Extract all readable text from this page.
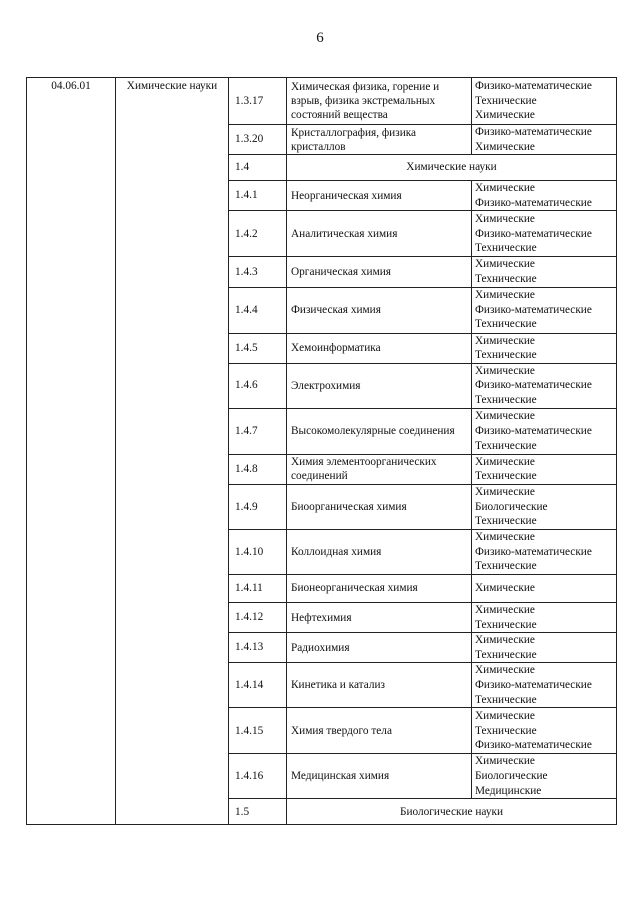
6
04.06.01	Химические науки	1.3.17	Химическая физика, горение и взрыв, физика экстремальных состояний вещества	Физико-математические
Технические
Химические

		1.3.20	Кристаллография, физика кристаллов	Физико-математические
Химические

		1.4	Химические науки	
		1.4.1	Неорганическая химия	Химические
Физико-математические

		1.4.2	Аналитическая химия	Химические
Физико-математические
Технические

		1.4.3	Органическая химия	Химические
Технические

		1.4.4	Физическая химия	Химические
Физико-математические
Технические

		1.4.5	Хемоинформатика	Химические
Технические

		1.4.6	Электрохимия	Химические
Физико-математические
Технические

		1.4.7	Высокомолекулярные соединения	Химические
Физико-математические
Технические

		1.4.8	Химия элементоорганических соединений	Химические
Технические

		1.4.9	Биоорганическая химия	Химические
Биологические
Технические

		1.4.10	Коллоидная химия	Химические
Физико-математические
Технические

		1.4.11	Бионеорганическая химия	Химические

		1.4.12	Нефтехимия	Химические
Технические

		1.4.13	Радиохимия	Химические
Технические

		1.4.14	Кинетика и катализ	Химические
Физико-математические
Технические

		1.4.15	Химия твердого тела	Химические
Технические
Физико-математические

		1.4.16	Медицинская химия	Химические
Биологические
Медицинские

		1.5	Биологические науки	
